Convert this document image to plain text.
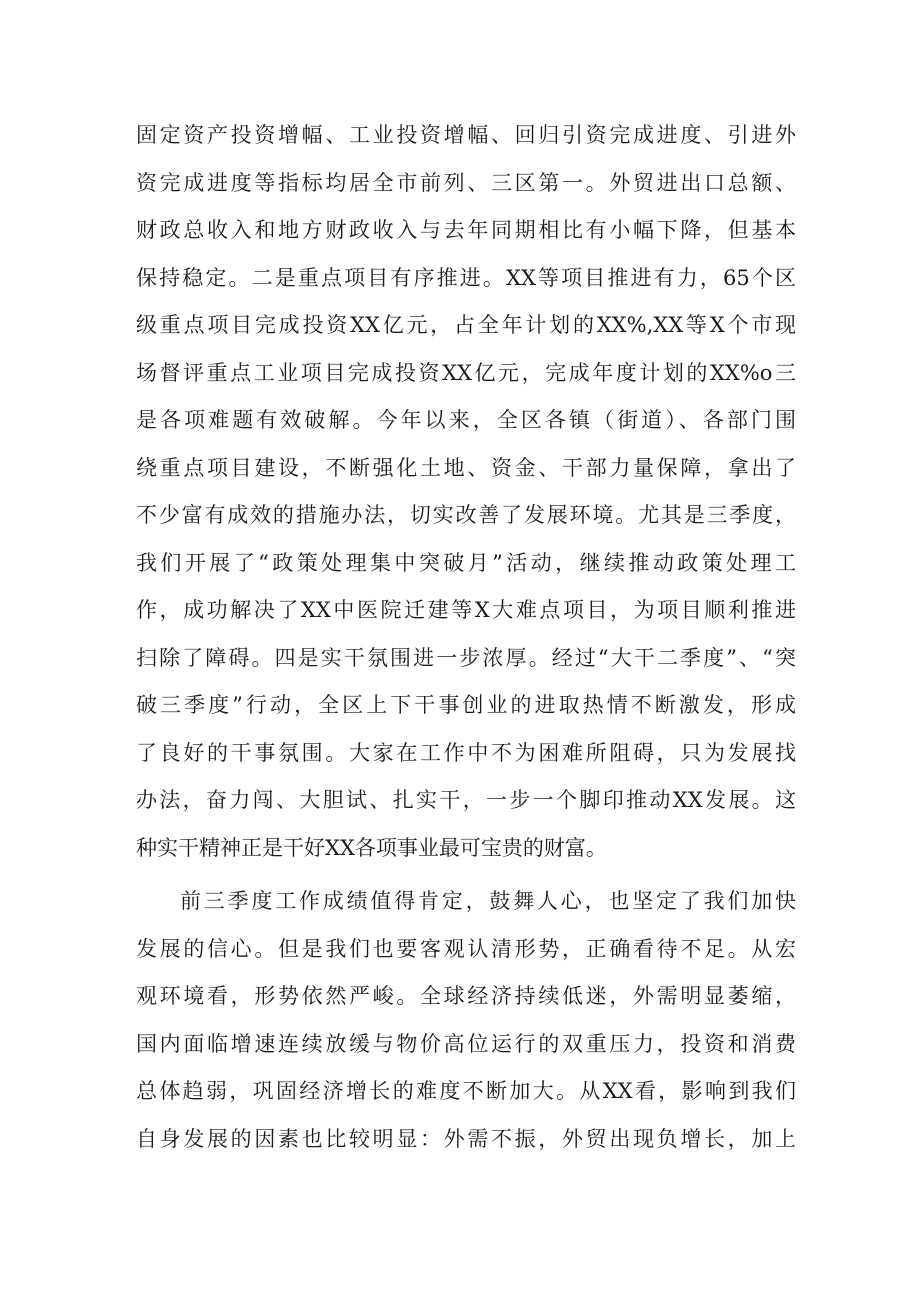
固定资产投资增幅、工业投资增幅、回归引资完成进度、引进外
资完成进度等指标均居全市前列、三区第一。外贸进出口总额、
财政总收入和地方财政收入与去年同期相比有小幅下降，但基本
保持稳定。二是重点项目有序推进。XX等项目推进有力，65个区
级重点项目完成投资XX亿元，占全年计划的XX%,XX等X个市现
场督评重点工业项目完成投资XX亿元，完成年度计划的XX%o三
是各项难题有效破解。今年以来，全区各镇（街道）、各部门围
绕重点项目建设，不断强化土地、资金、干部力量保障，拿出了
不少富有成效的措施办法，切实改善了发展环境。尤其是三季度，
我们开展了“政策处理集中突破月”活动，继续推动政策处理工
作，成功解决了XX中医院迁建等X大难点项目，为项目顺利推进
扫除了障碍。四是实干氛围进一步浓厚。经过“大干二季度”、“突
破三季度”行动，全区上下干事创业的进取热情不断激发，形成
了良好的干事氛围。大家在工作中不为困难所阻碍，只为发展找
办法，奋力闯、大胆试、扎实干，一步一个脚印推动XX发展。这
种实干精神正是干好XX各项事业最可宝贵的财富。
前三季度工作成绩值得肯定，鼓舞人心，也坚定了我们加快
发展的信心。但是我们也要客观认清形势，正确看待不足。从宏
观环境看，形势依然严峻。全球经济持续低迷，外需明显萎缩，
国内面临增速连续放缓与物价高位运行的双重压力，投资和消费
总体趋弱，巩固经济增长的难度不断加大。从XX看，影响到我们
自身发展的因素也比较明显：外需不振，外贸出现负增长，加上
